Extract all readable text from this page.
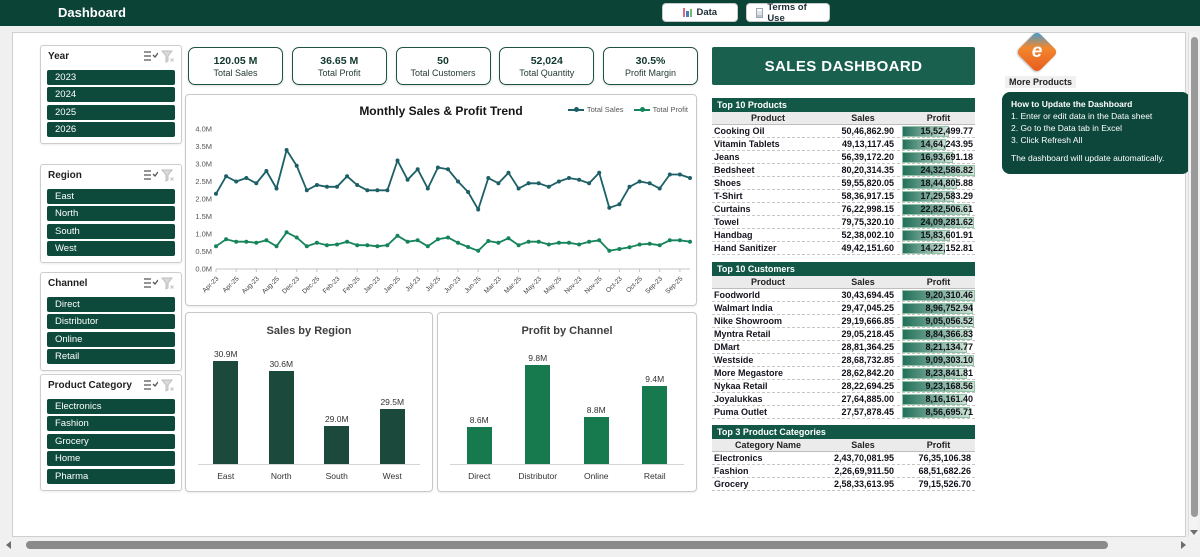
Dashboard	Data	Terms of Use
Year
2023
2024
2025
2026
Region
East
North
South
West
Channel
Direct
Distributor
Online
Retail
Product Category
Electronics
Fashion
Grocery
Home
Pharma
120.05 M
Total Sales
36.65 M
Total Profit
50
Total Customers
52,024
Total Quantity
30.5%
Profit Margin
Monthly Sales & Profit Trend	Total Sales	Total Profit
0.0M
0.5M
1.0M
1.5M
2.0M
2.5M
3.0M
3.5M
4.0M
Apr-23 Apr-25 Aug-23 Aug-25 Dec-23 Dec-25 Feb-23 Feb-25 Jan-23 Jan-25 Jul-23 Jul-25 Jun-23 Jun-25 Mar-23 Mar-25 May-23 May-25 Nov-23 Nov-25 Oct-23 Oct-25 Sep-23 Sep-25
Sales by Region
30.9M
30.6M
29.0M
29.5M
East	North	South	West
Profit by Channel
8.6M
9.8M
8.8M
9.4M
Direct	Distributor	Online	Retail
SALES DASHBOARD
Top 10 Products
Product	Sales	Profit
Cooking Oil	50,46,862.90	15,52,499.77
Vitamin Tablets	49,13,117.45	14,64,243.95
Jeans	56,39,172.20	16,93,691.18
Bedsheet	80,20,314.35	24,32,586.82
Shoes	59,55,820.05	18,44,805.88
T-Shirt	58,36,917.15	17,29,583.29
Curtains	76,22,998.15	22,82,506.61
Towel	79,75,320.10	24,09,281.62
Handbag	52,38,002.10	15,83,601.91
Hand Sanitizer	49,42,151.60	14,22,152.81
Top 10 Customers
Product	Sales	Profit
Foodworld	30,43,694.45	9,20,310.46
Walmart India	29,47,045.25	8,96,752.94
Nike Showroom	29,19,666.85	9,05,056.52
Myntra Retail	29,05,218.45	8,84,366.83
DMart	28,81,364.25	8,21,134.77
Westside	28,68,732.85	9,09,303.10
More Megastore	28,62,842.20	8,23,841.81
Nykaa Retail	28,22,694.25	9,23,168.56
Joyalukkas	27,64,885.00	8,16,161.40
Puma Outlet	27,57,878.45	8,56,695.71
Top 3 Product Categories
Category Name	Sales	Profit
Electronics	2,43,70,081.95	76,35,106.38
Fashion	2,26,69,911.50	68,51,682.26
Grocery	2,58,33,613.95	79,15,526.70
e
More Products
How to Update the Dashboard
1. Enter or edit data in the Data sheet
2. Go to the Data tab in Excel
3. Click Refresh All
The dashboard will update automatically.
